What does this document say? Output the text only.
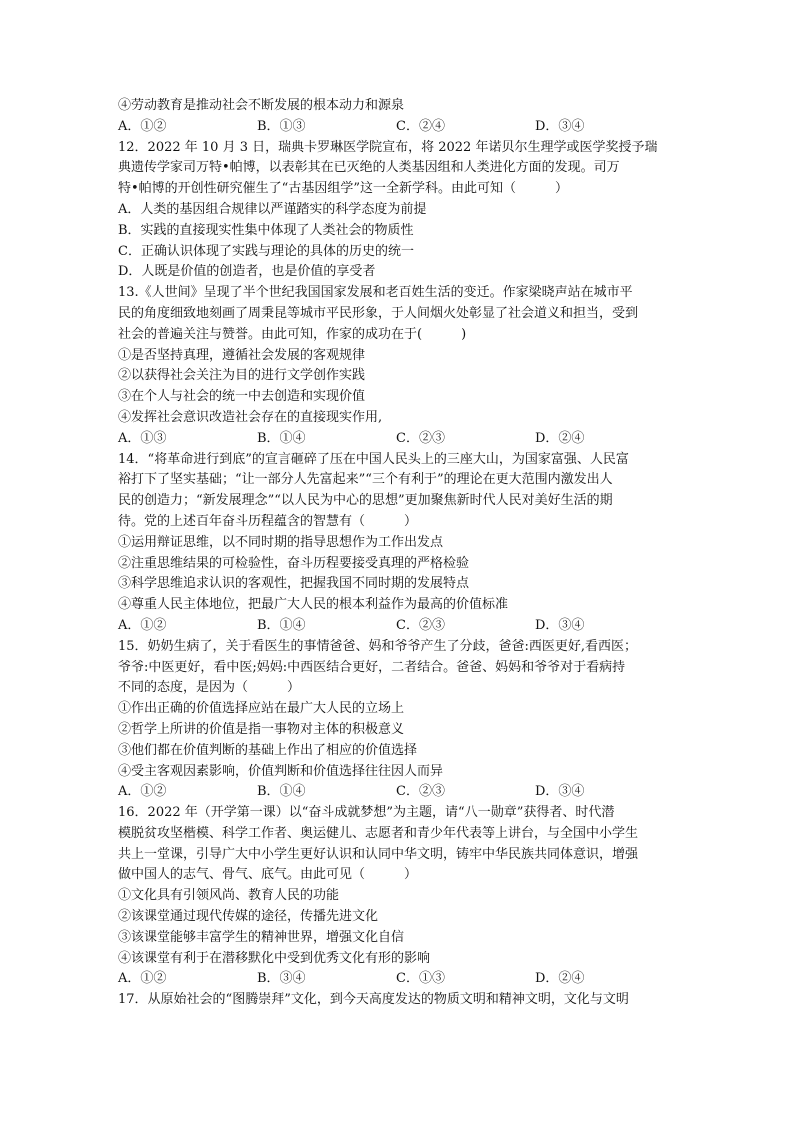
④劳动教育是推动社会不断发展的根本动力和源泉
A．①②	B．①③	C．②④	D．③④
12．2022 年 10 月 3 日，瑞典卡罗琳医学院宣布，将 2022 年诺贝尔生理学或医学奖授予瑞
典遗传学家司万特•帕博，以表彰其在已灭绝的人类基因组和人类进化方面的发现。司万
特•帕博的开创性研究催生了“古基因组学”这一全新学科。由此可知（　　　）
A．人类的基因组合规律以严谨踏实的科学态度为前提
B．实践的直接现实性集中体现了人类社会的物质性
C．正确认识体现了实践与理论的具体的历史的统一
D．人既是价值的创造者，也是价值的享受者
13.《人世间》呈现了半个世纪我国国家发展和老百姓生活的变迁。作家梁晓声站在城市平
民的角度细致地刻画了周秉昆等城市平民形象，于人间烟火处彰显了社会道义和担当，受到
社会的普遍关注与赞誉。由此可知，作家的成功在于(　　　)
①是否坚持真理，遵循社会发展的客观规律
②以获得社会关注为目的进行文学创作实践
③在个人与社会的统一中去创造和实现价值
④发挥社会意识改造社会存在的直接现实作用,
A．①③	B．①④	C．②③	D．②④
14．“将革命进行到底”的宣言砸碎了压在中国人民头上的三座大山，为国家富强、人民富
裕打下了坚实基础；“让一部分人先富起来”“三个有利于”的理论在更大范围内激发出人
民的创造力；“新发展理念”“以人民为中心的思想”更加聚焦新时代人民对美好生活的期
待。党的上述百年奋斗历程蕴含的智慧有（　　　）
①运用辩证思维，以不同时期的指导思想作为工作出发点
②注重思维结果的可检验性，奋斗历程要接受真理的严格检验
③科学思维追求认识的客观性，把握我国不同时期的发展特点
④尊重人民主体地位，把最广大人民的根本利益作为最高的价值标准
A．①②	B．①④	C．②③	D．③④
15．奶奶生病了，关于看医生的事情爸爸、妈和爷爷产生了分歧，爸爸:西医更好,看西医；
爷爷:中医更好，看中医;妈妈:中西医结合更好，二者结合。爸爸、妈妈和爷爷对于看病持
不同的态度，是因为（　　　）
①作出正确的价值选择应站在最广大人民的立场上
②哲学上所讲的价值是指一事物对主体的积极意义
③他们都在价值判断的基础上作出了相应的价值选择
④受主客观因素影响，价值判断和价值选择往往因人而异
A．①②	B．①④	C．②③	D．③④
16．2022 年（开学第一课）以“奋斗成就梦想”为主题，请“八一勋章”获得者、时代潜
模脱贫攻坚楷模、科学工作者、奥运健儿、志愿者和青少年代表等上讲台，与全国中小学生
共上一堂课，引导广大中小学生更好认识和认同中华文明，铸牢中华民族共同体意识，增强
做中国人的志气、骨气、底气。由此可见（　　　）
①文化具有引领风尚、教育人民的功能
②该课堂通过现代传媒的途径，传播先进文化
③该课堂能够丰富学生的精神世界，增强文化自信
④该课堂有利于在潜移默化中受到优秀文化有形的影响
A．①②	B．③④	C．①③	D．②④
17．从原始社会的“图腾崇拜”文化，到今天高度发达的物质文明和精神文明，文化与文明
